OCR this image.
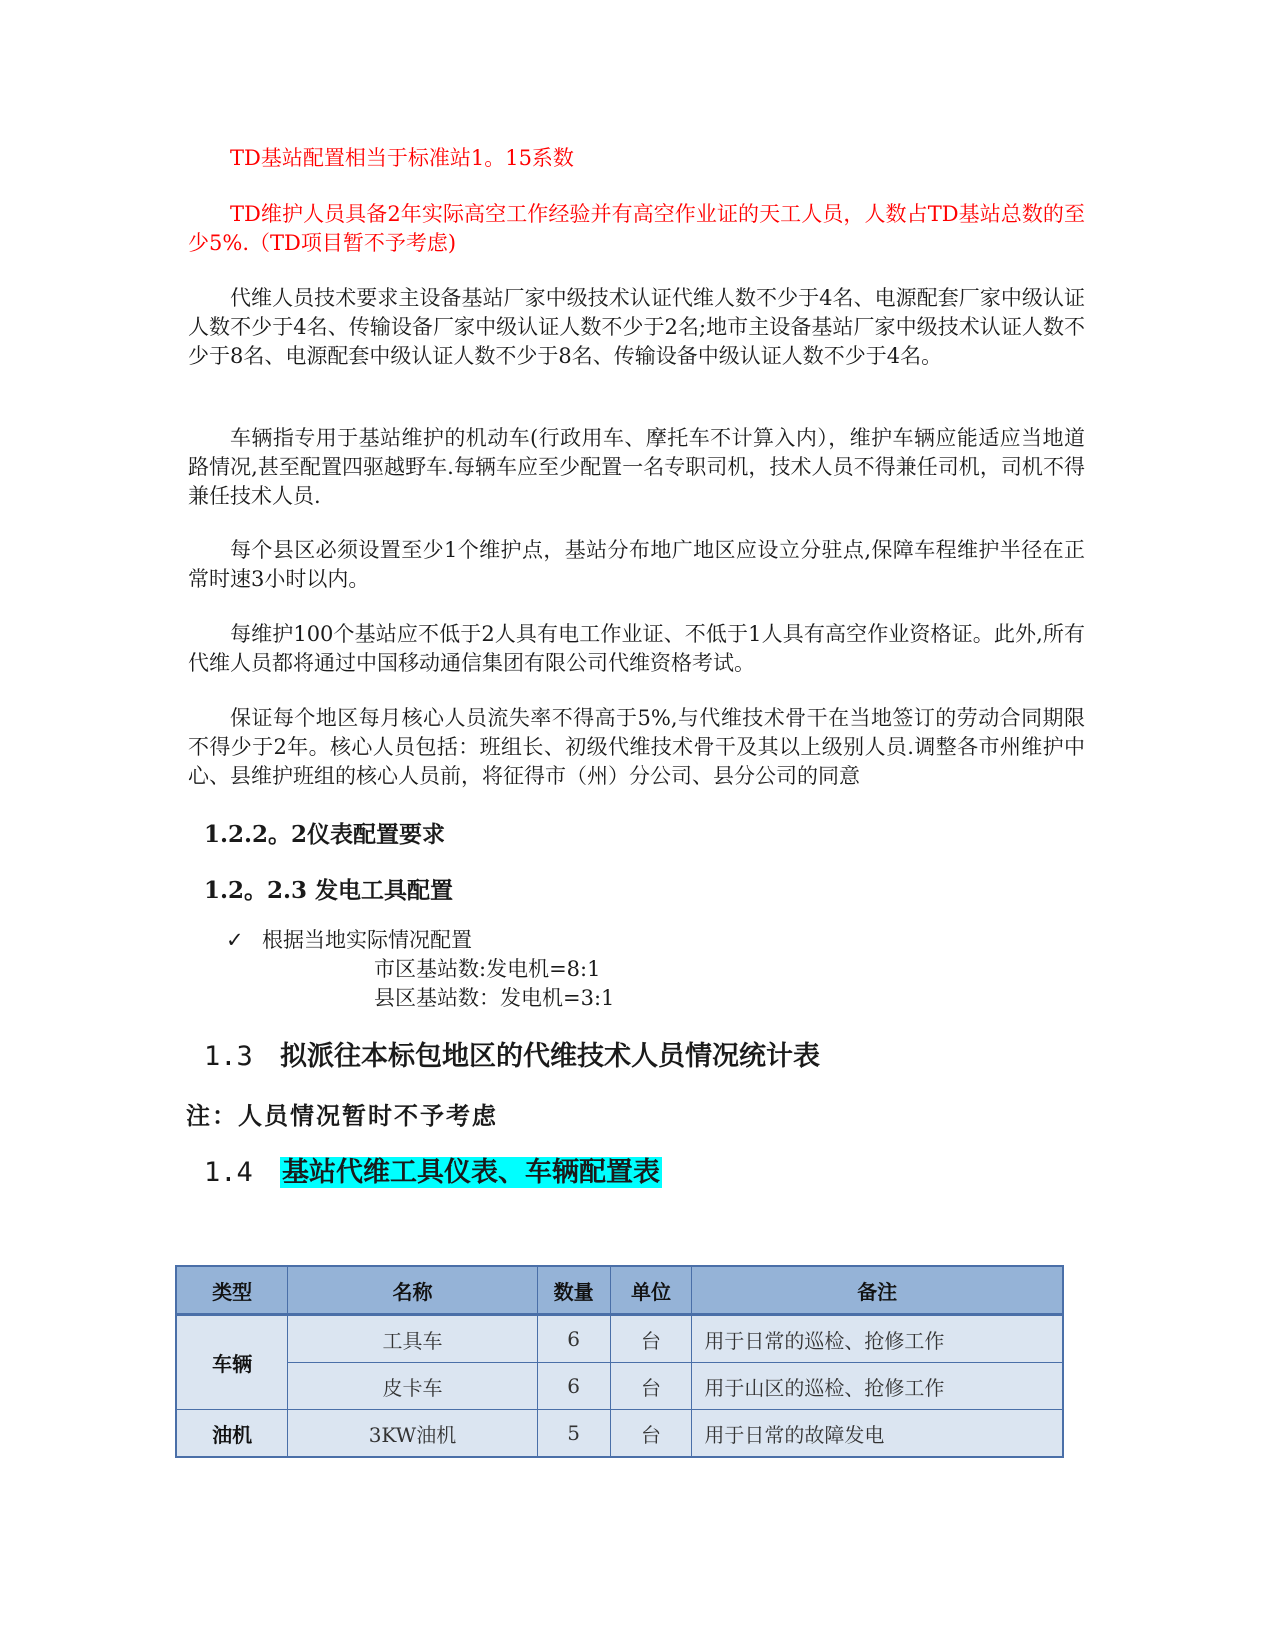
TD基站配置相当于标准站1。15系数

TD维护人员具备2年实际高空工作经验并有高空作业证的天工人员，人数占TD基站总数的至少5%.（TD项目暂不予考虑)

代维人员技术要求主设备基站厂家中级技术认证代维人数不少于4名、电源配套厂家中级认证人数不少于4名、传输设备厂家中级认证人数不少于2名;地市主设备基站厂家中级技术认证人数不少于8名、电源配套中级认证人数不少于8名、传输设备中级认证人数不少于4名。

车辆指专用于基站维护的机动车(行政用车、摩托车不计算入内），维护车辆应能适应当地道路情况,甚至配置四驱越野车.每辆车应至少配置一名专职司机，技术人员不得兼任司机，司机不得兼任技术人员.

每个县区必须设置至少1个维护点，基站分布地广地区应设立分驻点,保障车程维护半径在正常时速3小时以内。

每维护100个基站应不低于2人具有电工作业证、不低于1人具有高空作业资格证。此外,所有代维人员都将通过中国移动通信集团有限公司代维资格考试。

保证每个地区每月核心人员流失率不得高于5%,与代维技术骨干在当地签订的劳动合同期限不得少于2年。核心人员包括：班组长、初级代维技术骨干及其以上级别人员.调整各市州维护中心、县维护班组的核心人员前，将征得市（州）分公司、县分公司的同意

1.2.2。2仪表配置要求

1.2。2.3 发电工具配置

✓ 根据当地实际情况配置

市区基站数:发电机=8:1

县区基站数：发电机=3:1

1.3 拟派往本标包地区的代维技术人员情况统计表

注：人员情况暂时不予考虑

1.4 基站代维工具仪表、车辆配置表

类型	名称	数量	单位	备注
车辆	工具车	6	台	用于日常的巡检、抢修工作
	皮卡车	6	台	用于山区的巡检、抢修工作
油机	3KW油机	5	台	用于日常的故障发电
